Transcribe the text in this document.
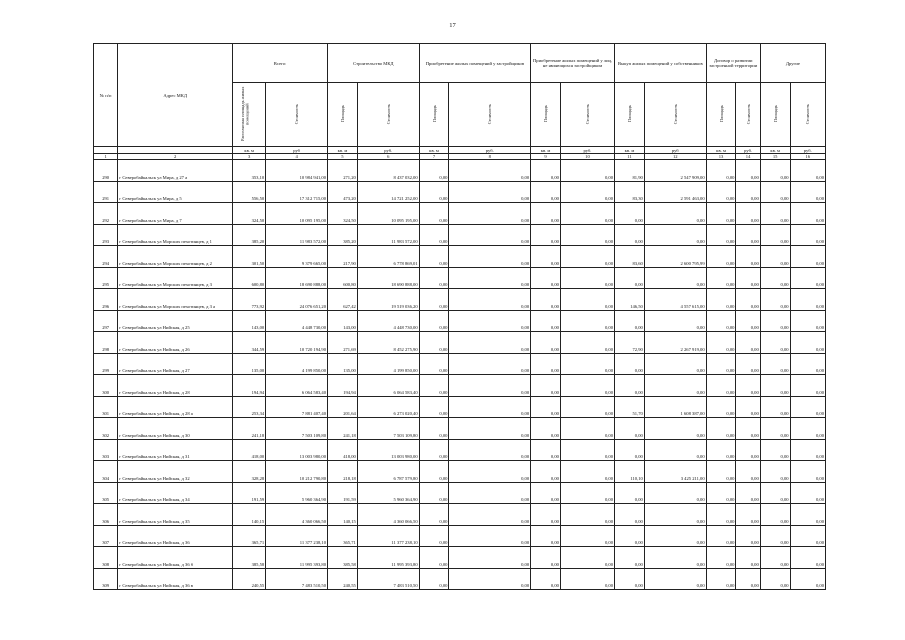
17
№ п/п	Адрес МКД	Всего:		Строительство МКД		Приобретение жилых помещений у застройщиков		Приобретение жилых помещений у лиц, не являющихся застройщиком		Выкуп жилых помещений у собственников		Договор о развитии застроенной территории		Другие	
		Расселяемая площадь жилых помещений	Стоимость	Площадь	Стоимость	Площадь	Стоимость	Площадь	Стоимость	Площадь	Стоимость	Площадь	Стоимость	Площадь	Стоимость
		кв. м	руб	кв. м	руб.	кв. м	руб.	кв. м	руб.	кв. м	руб	кв. м	руб.	кв. м	руб.
1	2	3	4	5	6	7	8	9	10	11	12	13	14	15	16
290	г Северобайкальск ул Мира, д 27 а	353,10	10 984 941,00	271,20	8 437 032,00	0,00	0,00	0,00	0,00	81,90	2 547 909,00	0,00	0,00	0,00	0,00
291	г Северобайкальск ул Мира, д 5	556,50	17 312 715,00	473,20	14 721 252,00	0,00	0,00	0,00	0,00	83,30	2 591 463,00	0,00	0,00	0,00	0,00
292	г Северобайкальск ул Мира, д 7	324,50	10 095 195,00	324,50	10 095 195,00	0,00	0,00	0,00	0,00	0,00	0,00	0,00	0,00	0,00	0,00
293	г Северобайкальск ул Морских пехотинцев, д 1	385,20	11 983 572,00	385,20	11 983 572,00	0,00	0,00	0,00	0,00	0,00	0,00	0,00	0,00	0,00	0,00
294	г Северобайкальск ул Морских пехотинцев, д 2	301,50	9 379 665,00	217,90	6 778 869,01	0,00	0,00	0,00	0,00	83,60	2 600 795,99	0,00	0,00	0,00	0,00
295	г Северобайкальск ул Морских пехотинцев, д 3	600,80	18 690 888,00	600,80	18 690 888,00	0,00	0,00	0,00	0,00	0,00	0,00	0,00	0,00	0,00	0,00
296	г Северобайкальск ул Морских пехотинцев, д 3 а	773,92	24 076 651,20	627,42	19 519 036,20	0,00	0,00	0,00	0,00	146,50	4 557 615,00	0,00	0,00	0,00	0,00
297	г Северобайкальск ул Нийская, д 25	143,00	4 448 730,00	143,00	4 448 730,00	0,00	0,00	0,00	0,00	0,00	0,00	0,00	0,00	0,00	0,00
298	г Северобайкальск ул Нийская, д 26	344,59	10 720 194,90	271,69	8 452 275,90	0,00	0,00	0,00	0,00	72,90	2 267 919,00	0,00	0,00	0,00	0,00
299	г Северобайкальск ул Нийская, д 27	135,00	4 199 850,00	135,00	4 199 850,00	0,00	0,00	0,00	0,00	0,00	0,00	0,00	0,00	0,00	0,00
300	г Северобайкальск ул Нийская, д 28	194,94	6 064 583,40	194,94	6 064 583,40	0,00	0,00	0,00	0,00	0,00	0,00	0,00	0,00	0,00	0,00
301	г Северобайкальск ул Нийская, д 28 а	253,34	7 881 407,40	201,64	6 273 020,40	0,00	0,00	0,00	0,00	51,70	1 608 387,00	0,00	0,00	0,00	0,00
302	г Северобайкальск ул Нийская, д 30	241,18	7 503 109,80	241,18	7 503 109,80	0,00	0,00	0,00	0,00	0,00	0,00	0,00	0,00	0,00	0,00
303	г Северобайкальск ул Нийская, д 31	418,00	13 003 980,00	418,00	13 003 980,00	0,00	0,00	0,00	0,00	0,00	0,00	0,00	0,00	0,00	0,00
304	г Северобайкальск ул Нийская, д 32	328,28	10 212 790,80	218,18	6 787 579,80	0,00	0,00	0,00	0,00	110,10	3 425 211,00	0,00	0,00	0,00	0,00
305	г Северобайкальск ул Нийская, д 34	191,59	5 960 364,90	191,59	5 960 364,90	0,00	0,00	0,00	0,00	0,00	0,00	0,00	0,00	0,00	0,00
306	г Северобайкальск ул Нийская, д 35	140,15	4 360 066,50	140,15	4 360 066,50	0,00	0,00	0,00	0,00	0,00	0,00	0,00	0,00	0,00	0,00
307	г Северобайкальск ул Нийская, д 36	365,71	11 377 238,10	365,71	11 377 238,10	0,00	0,00	0,00	0,00	0,00	0,00	0,00	0,00	0,00	0,00
308	г Северобайкальск ул Нийская, д 36 б	385,58	11 995 393,80	385,58	11 995 393,80	0,00	0,00	0,00	0,00	0,00	0,00	0,00	0,00	0,00	0,00
309	г Северобайкальск ул Нийская, д 36 в	240,55	7 483 510,50	240,55	7 483 510,50	0,00	0,00	0,00	0,00	0,00	0,00	0,00	0,00	0,00	0,00
